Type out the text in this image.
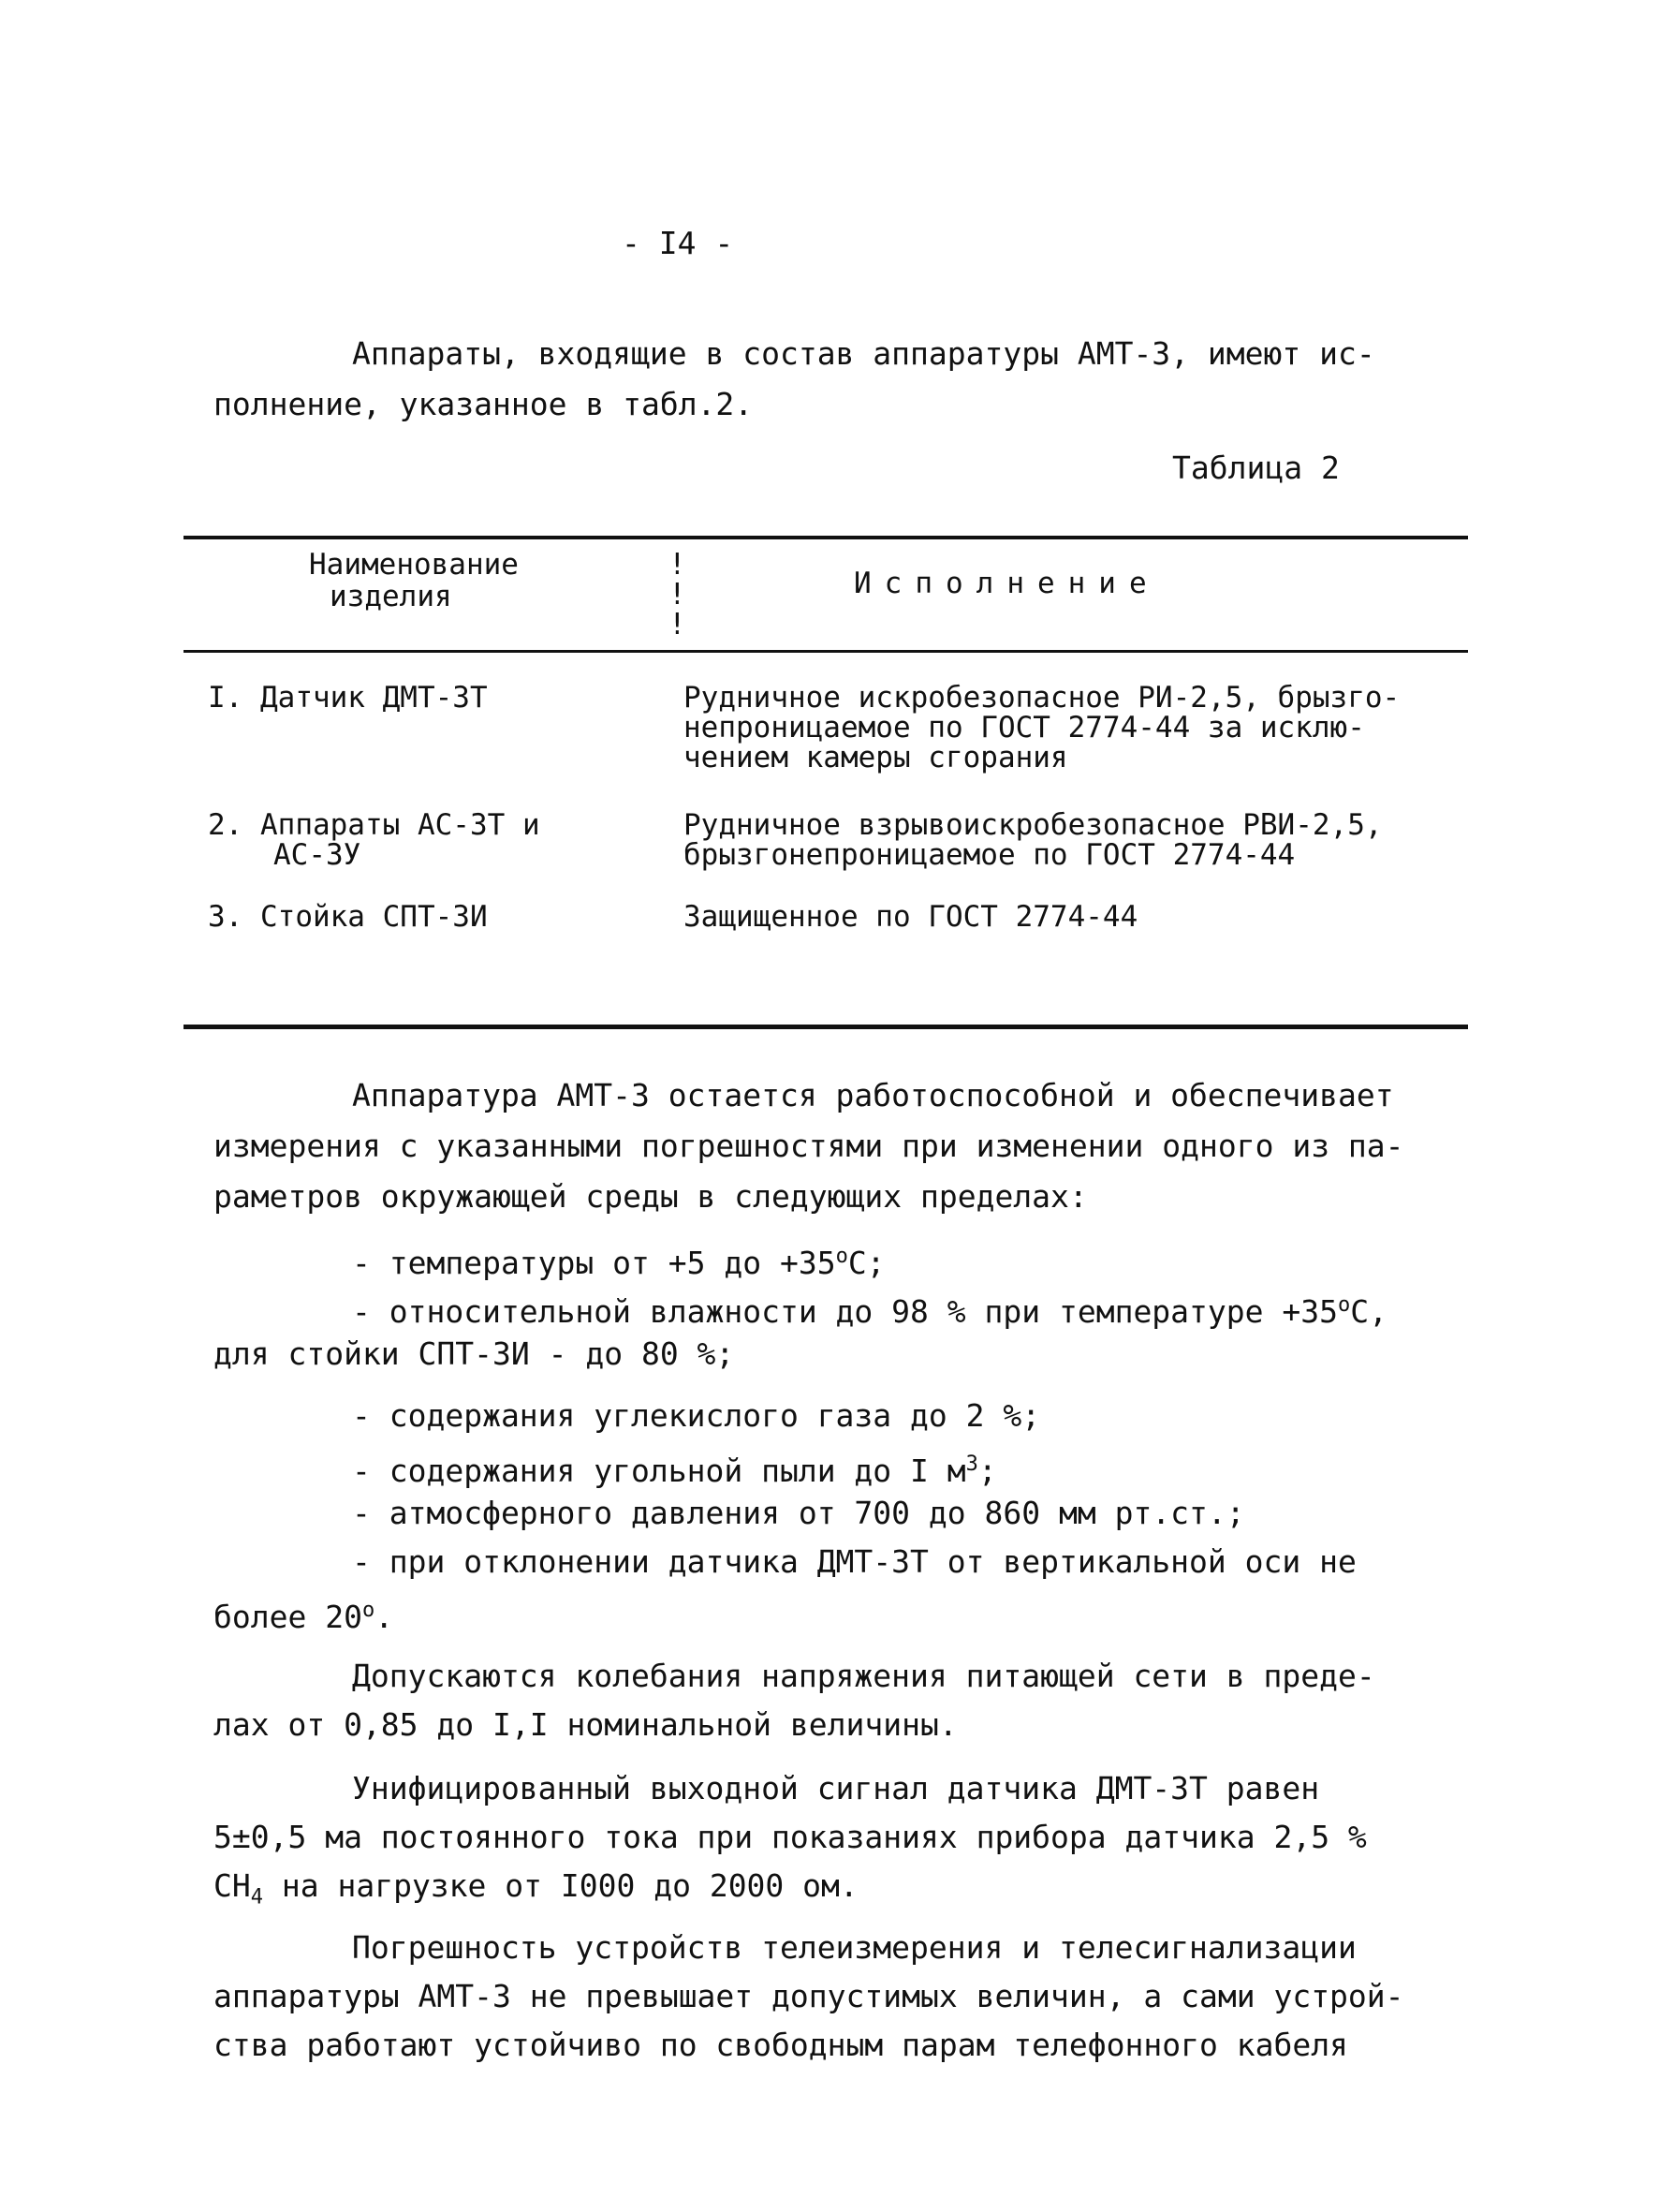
- I4 -
Аппараты, входящие в состав аппаратуры АМТ-3, имеют ис-
полнение, указанное в табл.2.
Таблица 2
Наименование
изделия
!
!
!
Исполнение
I. Датчик ДМТ-3Т	Рудничное искробезопасное РИ-2,5, брызго-
непроницаемое по ГОСТ 2774-44 за исклю-
чением камеры сгорания
2. Аппараты АС-3Т и
АС-3У
Рудничное взрывоискробезопасное РВИ-2,5,
брызгонепроницаемое по ГОСТ 2774-44
3. Стойка СПТ-3И	Защищенное по ГОСТ 2774-44
Аппаратура АМТ-3 остается работоспособной и обеспечивает
измерения с указанными погрешностями при изменении одного из па-
раметров окружающей среды в следующих пределах:
- температуры от +5 до $+35^оС$;
- относительной влажности до 98 % при температуре $+35^оС$,
для стойки СПТ-3И - до 80 %;
- содержания углекислого газа до 2 %;
- содержания угольной пыли до I $м^3$;
- атмосферного давления от 700 до 860 мм рт.ст.;
- при отклонении датчика ДМТ-3Т от вертикальной оси не
более $20^о$.
Допускаются колебания напряжения питающей сети в преде-
лах от 0,85 до I,I номинальной величины.
Унифицированный выходной сигнал датчика ДМТ-3Т равен
5±0,5 ма постоянного тока при показаниях прибора датчика 2,5 %
$CH_4$ на нагрузке от I000 до 2000 ом.
Погрешность устройств телеизмерения и телесигнализации
аппаратуры АМТ-3 не превышает допустимых величин, а сами устрой-
ства работают устойчиво по свободным парам телефонного кабеля
